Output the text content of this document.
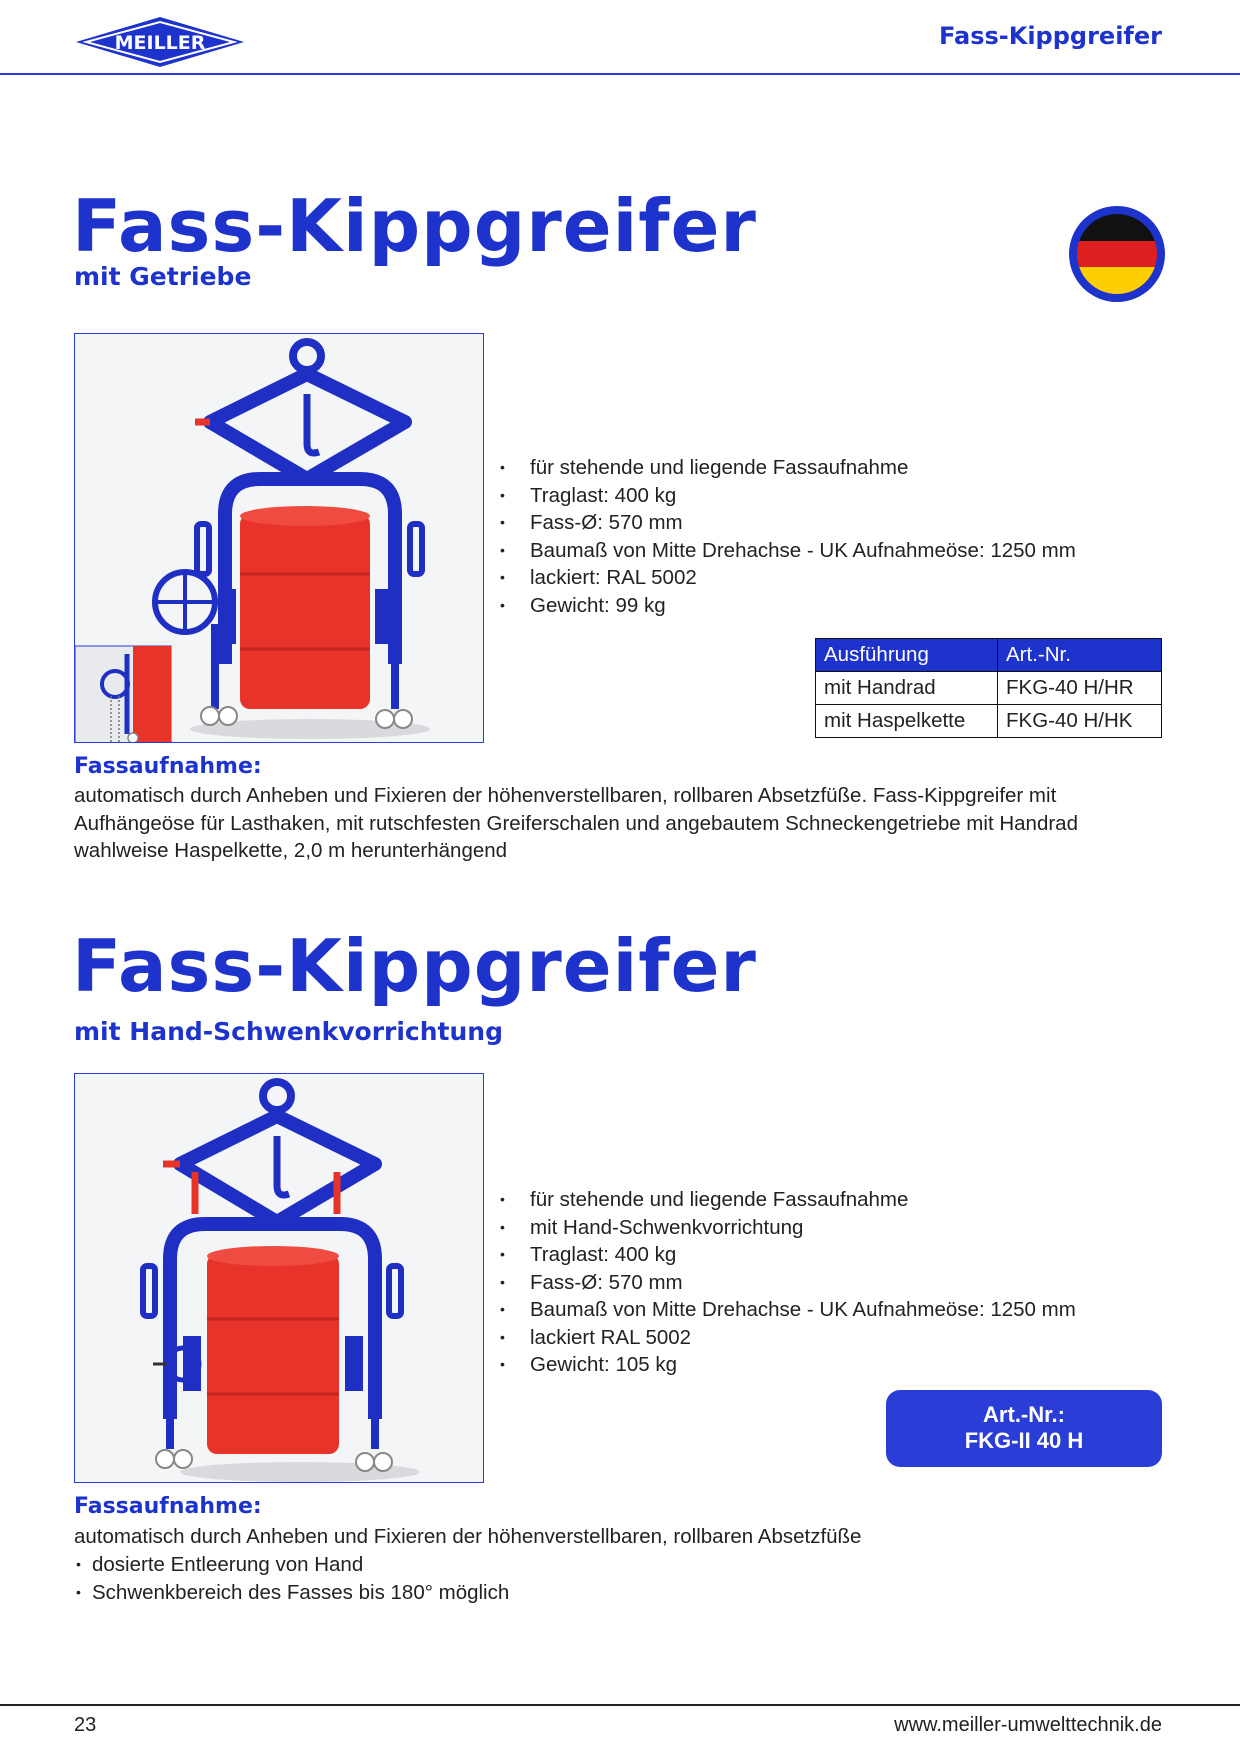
MEILLER	Fass-Kippgreifer
Fass-Kippgreifer
mit Getriebe
• für stehende und liegende Fassaufnahme
• Traglast: 400 kg
• Fass-Ø: 570 mm
• Baumaß von Mitte Drehachse - UK Aufnahmeöse: 1250 mm
• lackiert: RAL 5002
• Gewicht: 99 kg
Ausführung	Art.-Nr.
mit Handrad	FKG-40 H/HR
mit Haspelkette	FKG-40 H/HK
Fassaufnahme:
automatisch durch Anheben und Fixieren der höhenverstellbaren, rollbaren Absetzfüße. Fass-Kippgreifer mit Aufhängeöse für Lasthaken, mit rutschfesten Greiferschalen und angebautem Schneckengetriebe mit Handrad wahlweise Haspelkette, 2,0 m herunterhängend
Fass-Kippgreifer
mit Hand-Schwenkvorrichtung
• für stehende und liegende Fassaufnahme
• mit Hand-Schwenkvorrichtung
• Traglast: 400 kg
• Fass-Ø: 570 mm
• Baumaß von Mitte Drehachse - UK Aufnahmeöse: 1250 mm
• lackiert RAL 5002
• Gewicht: 105 kg
Art.-Nr.:
FKG-II 40 H
Fassaufnahme:
automatisch durch Anheben und Fixieren der höhenverstellbaren, rollbaren Absetzfüße
• dosierte Entleerung von Hand
• Schwenkbereich des Fasses bis 180° möglich
23	www.meiller-umwelttechnik.de
